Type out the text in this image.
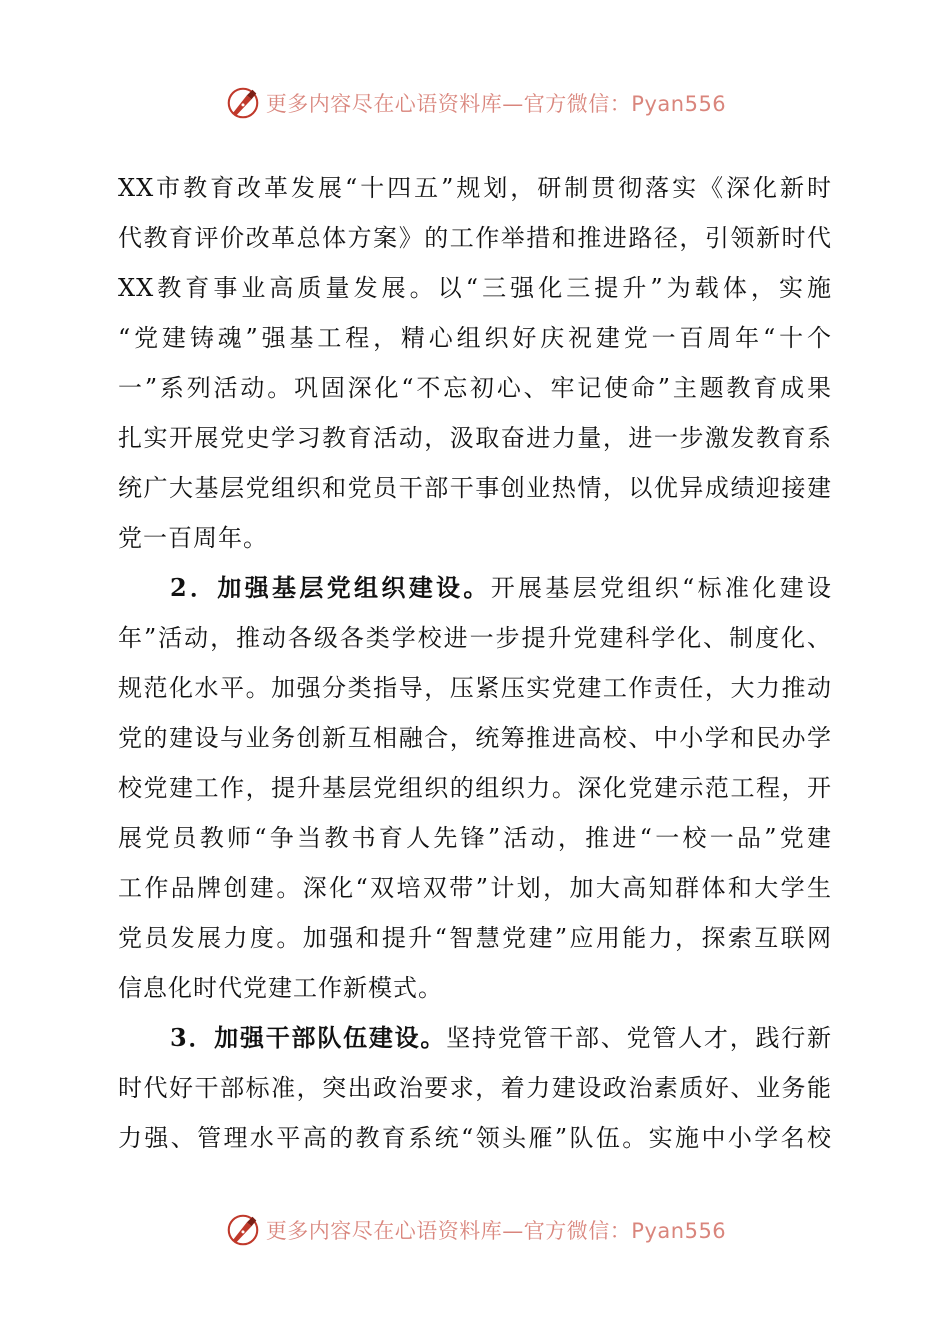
更多内容尽在心语资料库—官方微信：Pyan556
XX市教育改革发展“十四五”规划，研制贯彻落实《深化新时
代教育评价改革总体方案》的工作举措和推进路径，引领新时代
XX教育事业高质量发展。以“三强化三提升”为载体，实施
“党建铸魂”强基工程，精心组织好庆祝建党一百周年“十个
一”系列活动。巩固深化“不忘初心、牢记使命”主题教育成果
扎实开展党史学习教育活动，汲取奋进力量，进一步激发教育系
统广大基层党组织和党员干部干事创业热情，以优异成绩迎接建
党一百周年。
2．加强基层党组织建设。开展基层党组织“标准化建设
年”活动，推动各级各类学校进一步提升党建科学化、制度化、
规范化水平。加强分类指导，压紧压实党建工作责任，大力推动
党的建设与业务创新互相融合，统筹推进高校、中小学和民办学
校党建工作，提升基层党组织的组织力。深化党建示范工程，开
展党员教师“争当教书育人先锋”活动，推进“一校一品”党建
工作品牌创建。深化“双培双带”计划，加大高知群体和大学生
党员发展力度。加强和提升“智慧党建”应用能力，探索互联网
信息化时代党建工作新模式。
3．加强干部队伍建设。坚持党管干部、党管人才，践行新
时代好干部标准，突出政治要求，着力建设政治素质好、业务能
力强、管理水平高的教育系统“领头雁”队伍。实施中小学名校
更多内容尽在心语资料库—官方微信：Pyan556
